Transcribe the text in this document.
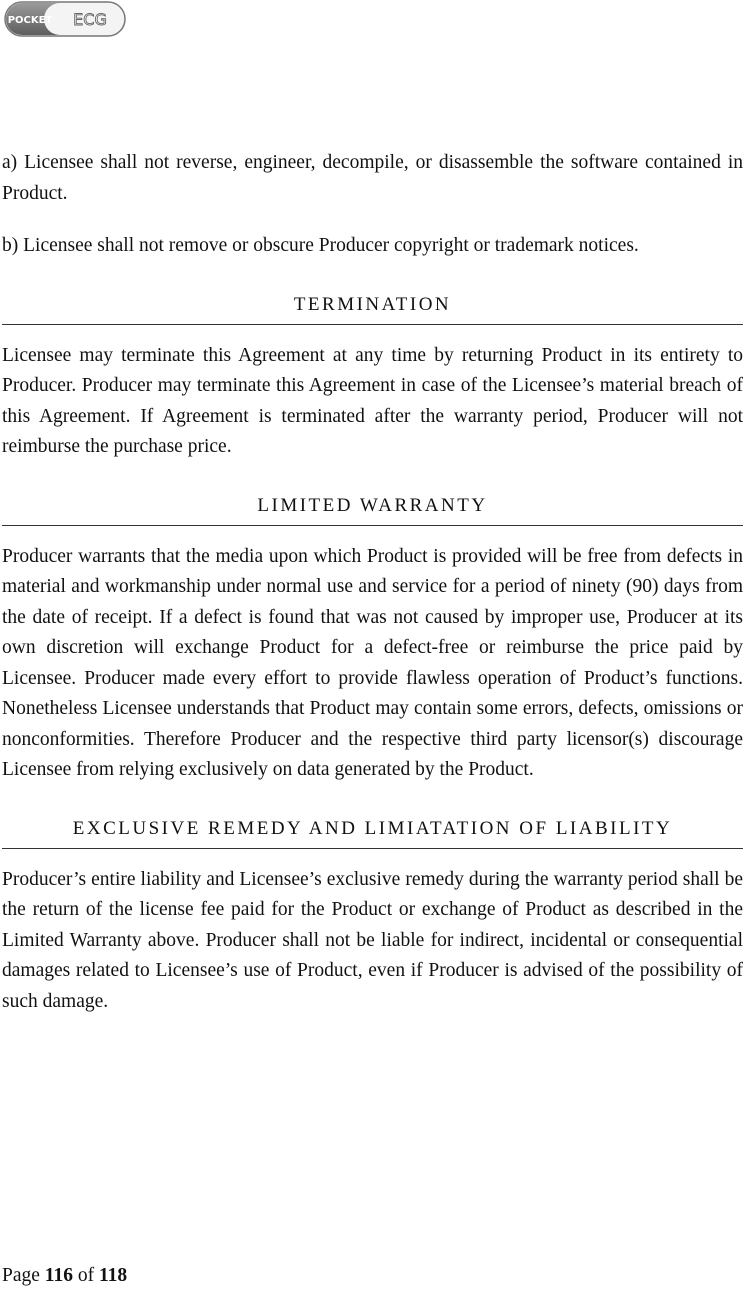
POCKET ECG

a) Licensee shall not reverse, engineer, decompile, or disassemble the software contained in Product.

b) Licensee shall not remove or obscure Producer copyright or trademark notices.

TERMINATION

Licensee may terminate this Agreement at any time by returning Product in its entirety to Producer. Producer may terminate this Agreement in case of the Licensee’s material breach of this Agreement. If Agreement is terminated after the warranty period, Producer will not reimburse the purchase price.

LIMITED WARRANTY

Producer warrants that the media upon which Product is provided will be free from defects in material and workmanship under normal use and service for a period of ninety (90) days from the date of receipt. If a defect is found that was not caused by improper use, Producer at its own discretion will exchange Product for a defect-free or reimburse the price paid by Licensee. Producer made every effort to provide flawless operation of Product’s functions. Nonetheless Licensee understands that Product may contain some errors, defects, omissions or nonconformities. Therefore Producer and the respective third party licensor(s) discourage Licensee from relying exclusively on data generated by the Product.

EXCLUSIVE REMEDY AND LIMIATATION OF LIABILITY

Producer’s entire liability and Licensee’s exclusive remedy during the warranty period shall be the return of the license fee paid for the Product or exchange of Product as described in the Limited Warranty above. Producer shall not be liable for indirect, incidental or consequential damages related to Licensee’s use of Product, even if Producer is advised of the possibility of such damage.

Page 116 of 118
